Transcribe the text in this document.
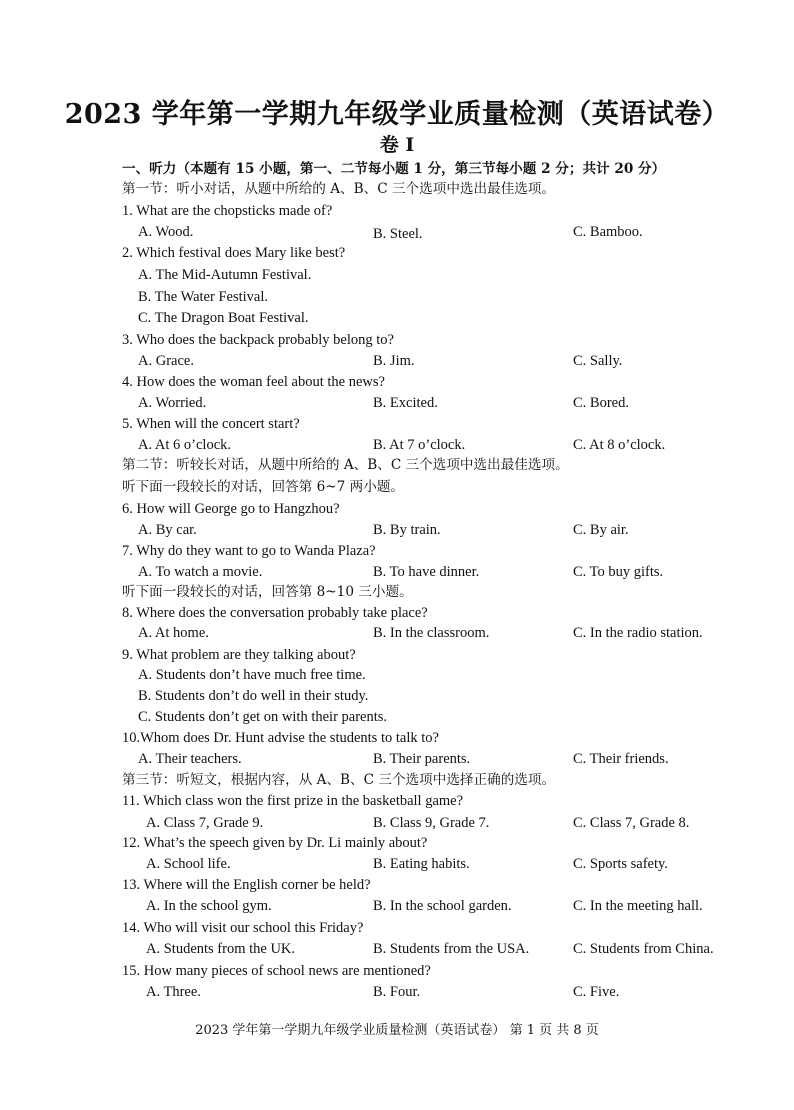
2023 学年第一学期九年级学业质量检测（英语试卷）
卷 Ⅰ
一、听力（本题有 15 小题，第一、二节每小题 1 分，第三节每小题 2 分；共计 20 分）
第一节：听小对话，从题中所给的 A、B、C 三个选项中选出最佳选项。
1. What are the chopsticks made of?
A. Wood.	B. Steel.	C. Bamboo.
2. Which festival does Mary like best?
A. The Mid-Autumn Festival.
B. The Water Festival.
C. The Dragon Boat Festival.
3. Who does the backpack probably belong to?
A. Grace.	B. Jim.	C. Sally.
4. How does the woman feel about the news?
A. Worried.	B. Excited.	C. Bored.
5. When will the concert start?
A. At 6 o’clock.	B. At 7 o’clock.	C. At 8 o’clock.
第二节：听较长对话，从题中所给的 A、B、C 三个选项中选出最佳选项。
听下面一段较长的对话，回答第 6~7 两小题。
6. How will George go to Hangzhou?
A. By car.	B. By train.	C. By air.
7. Why do they want to go to Wanda Plaza?
A. To watch a movie.	B. To have dinner.	C. To buy gifts.
听下面一段较长的对话，回答第 8~10 三小题。
8. Where does the conversation probably take place?
A. At home.	B. In the classroom.	C. In the radio station.
9. What problem are they talking about?
A. Students don’t have much free time.
B. Students don’t do well in their study.
C. Students don’t get on with their parents.
10.Whom does Dr. Hunt advise the students to talk to?
A. Their teachers.	B. Their parents.	C. Their friends.
第三节：听短文，根据内容，从 A、B、C 三个选项中选择正确的选项。
11. Which class won the first prize in the basketball game?
A. Class 7, Grade 9.	B. Class 9, Grade 7.	C. Class 7, Grade 8.
12. What’s the speech given by Dr. Li mainly about?
A. School life.	B. Eating habits.	C. Sports safety.
13. Where will the English corner be held?
A. In the school gym.	B. In the school garden.	C. In the meeting hall.
14. Who will visit our school this Friday?
A. Students from the UK.	B. Students from the USA.	C. Students from China.
15. How many pieces of school news are mentioned?
A. Three.	B. Four.	C. Five.
2023 学年第一学期九年级学业质量检测（英语试卷） 第 1 页 共 8 页
